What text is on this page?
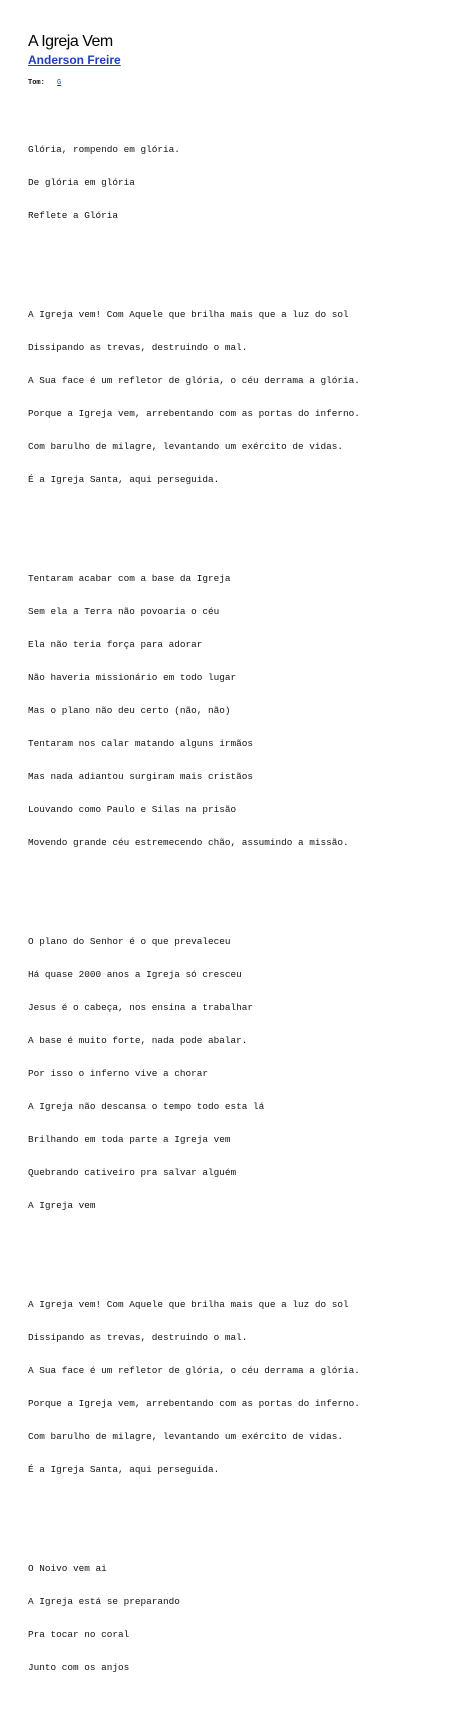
A Igreja Vem
Anderson Freire
Tom: G

Glória, rompendo em glória.

De glória em glória

Reflete a Glória

A Igreja vem! Com Aquele que brilha mais que a luz do sol

Dissipando as trevas, destruindo o mal.

A Sua face é um refletor de glória, o céu derrama a glória.

Porque a Igreja vem, arrebentando com as portas do inferno.

Com barulho de milagre, levantando um exército de vidas.

É a Igreja Santa, aqui perseguida.

Tentaram acabar com a base da Igreja

Sem ela a Terra não povoaria o céu

Ela não teria força para adorar

Não haveria missionário em todo lugar

Mas o plano não deu certo (não, não)

Tentaram nos calar matando alguns irmãos

Mas nada adiantou surgiram mais cristãos

Louvando como Paulo e Silas na prisão

Movendo grande céu estremecendo chão, assumindo a missão.

O plano do Senhor é o que prevaleceu

Há quase 2000 anos a Igreja só cresceu

Jesus é o cabeça, nos ensina a trabalhar

A base é muito forte, nada pode abalar.

Por isso o inferno vive a chorar

A Igreja não descansa o tempo todo esta lá

Brilhando em toda parte a Igreja vem

Quebrando cativeiro pra salvar alguém

A Igreja vem

A Igreja vem! Com Aquele que brilha mais que a luz do sol

Dissipando as trevas, destruindo o mal.

A Sua face é um refletor de glória, o céu derrama a glória.

Porque a Igreja vem, arrebentando com as portas do inferno.

Com barulho de milagre, levantando um exército de vidas.

É a Igreja Santa, aqui perseguida.

O Noivo vem ai

A Igreja está se preparando

Pra tocar no coral

Junto com os anjos
